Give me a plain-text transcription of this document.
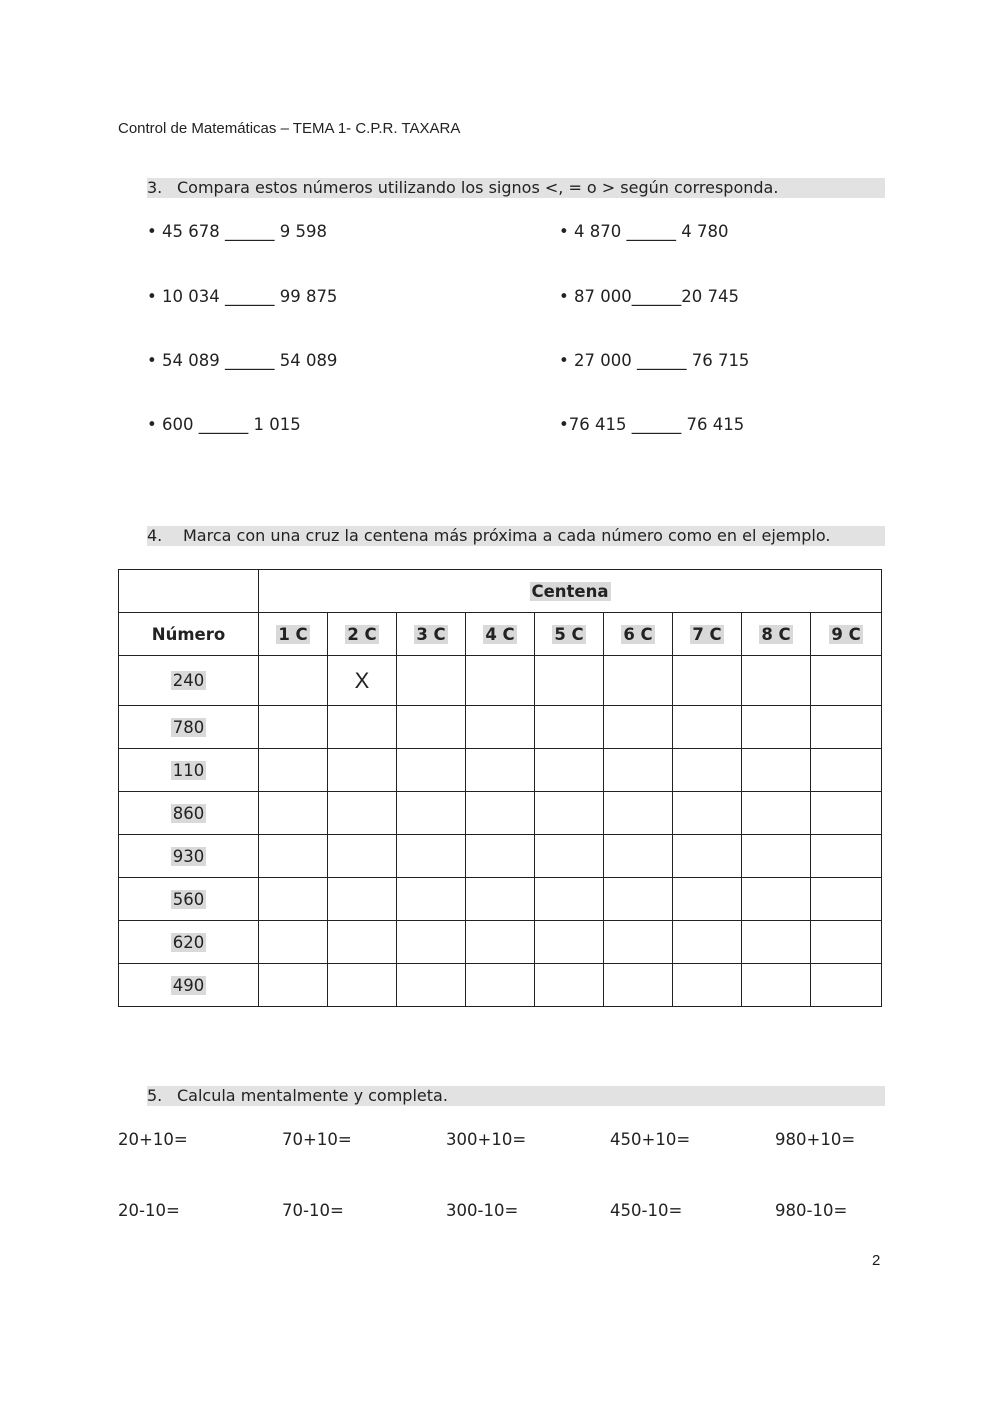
Control de Matemáticas – TEMA 1- C.P.R. TAXARA
3. Compara estos números utilizando los signos <, = o > según corresponda.
• 45 678 ______ 9 598
• 10 034 ______ 99 875
• 54 089 ______ 54 089
• 600 ______ 1 015
• 4 870 ______ 4 780
• 87 000______20 745
• 27 000 ______ 76 715
•76 415 ______ 76 415
4. Marca con una cruz la centena más próxima a cada número como en el ejemplo.
	Centena								
Número	1 C	2 C	3 C	4 C	5 C	6 C	7 C	8 C	9 C
240		X							
780									
110									
860									
930									
560									
620									
490									
5. Calcula mentalmente y completa.
20+10=	70+10=	300+10=	450+10=	980+10=
20-10=	70-10=	300-10=	450-10=	980-10=
2
